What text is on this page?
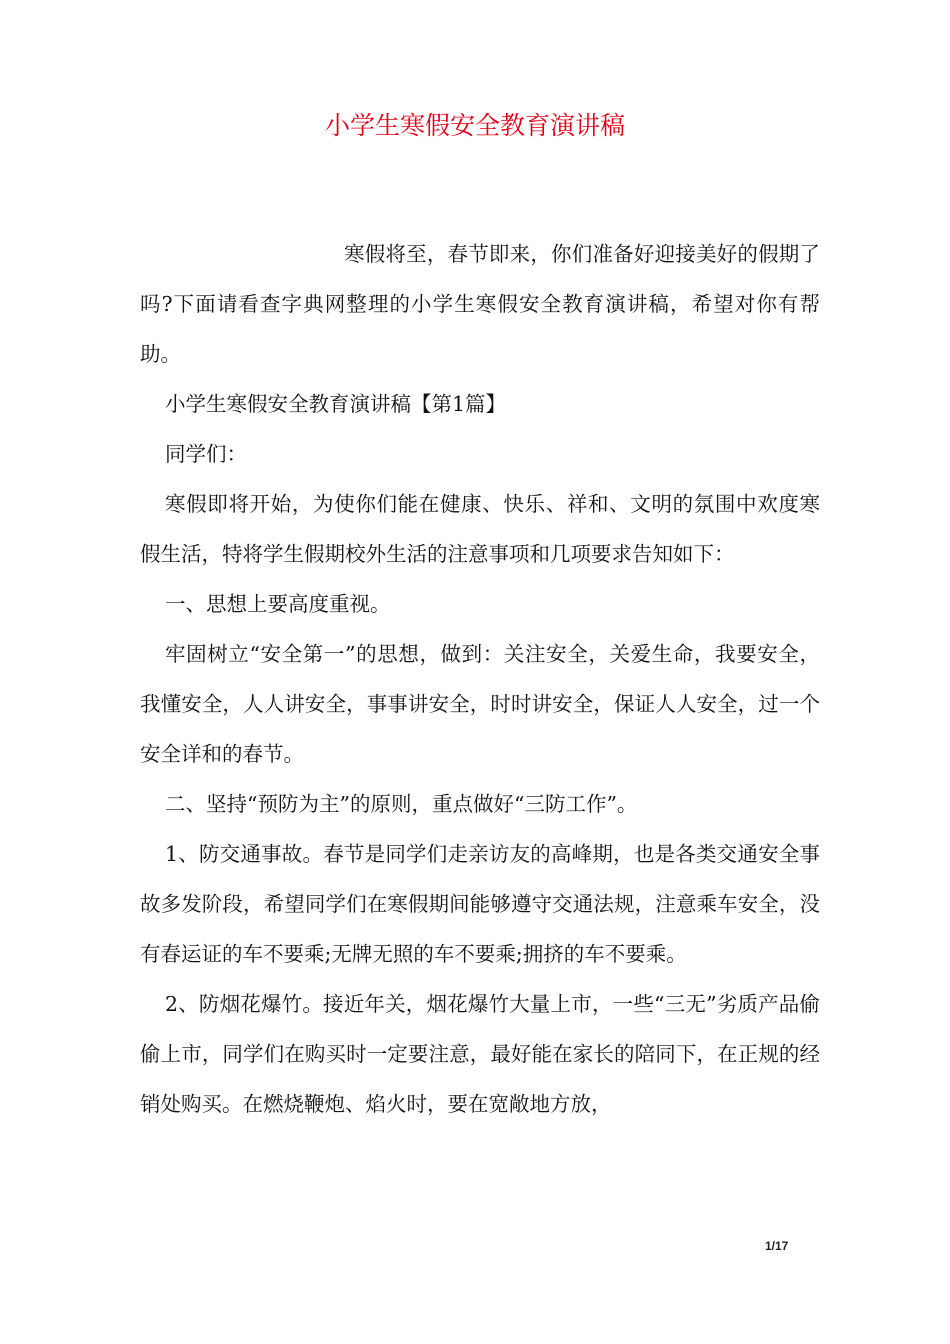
小学生寒假安全教育演讲稿

寒假将至，春节即来，你们准备好迎接美好的假期了吗?下面请看查字典网整理的小学生寒假安全教育演讲稿，希望对你有帮助。

小学生寒假安全教育演讲稿【第1篇】

同学们：

寒假即将开始，为使你们能在健康、快乐、祥和、文明的氛围中欢度寒假生活，特将学生假期校外生活的注意事项和几项要求告知如下：

一、思想上要高度重视。

牢固树立“安全第一”的思想，做到：关注安全，关爱生命，我要安全，我懂安全，人人讲安全，事事讲安全，时时讲安全，保证人人安全，过一个安全详和的春节。

二、坚持“预防为主”的原则，重点做好“三防工作”。

1、防交通事故。春节是同学们走亲访友的高峰期，也是各类交通安全事故多发阶段，希望同学们在寒假期间能够遵守交通法规，注意乘车安全，没有春运证的车不要乘;无牌无照的车不要乘;拥挤的车不要乘。

2、防烟花爆竹。接近年关，烟花爆竹大量上市，一些“三无”劣质产品偷偷上市，同学们在购买时一定要注意，最好能在家长的陪同下，在正规的经销处购买。在燃烧鞭炮、焰火时，要在宽敞地方放，

1/17
